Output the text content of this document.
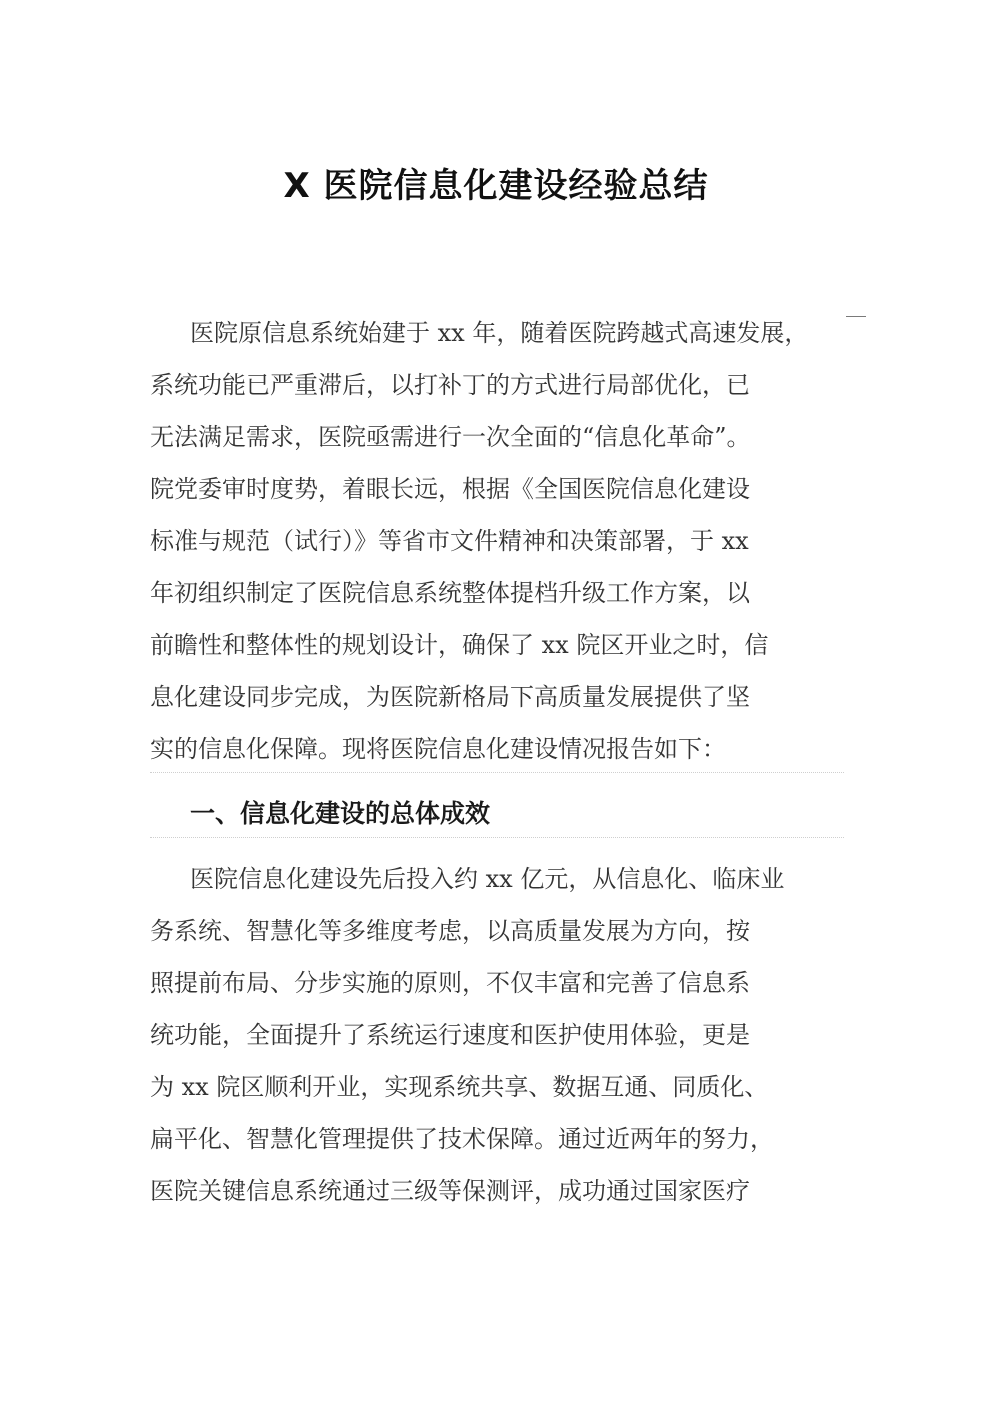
X 医院信息化建设经验总结
医院原信息系统始建于 xx 年，随着医院跨越式高速发展，
系统功能已严重滞后，以打补丁的方式进行局部优化，已
无法满足需求，医院亟需进行一次全面的“信息化革命”。
院党委审时度势，着眼长远，根据《全国医院信息化建设
标准与规范（试行）》等省市文件精神和决策部署，于 xx
年初组织制定了医院信息系统整体提档升级工作方案，以
前瞻性和整体性的规划设计，确保了 xx 院区开业之时，信
息化建设同步完成，为医院新格局下高质量发展提供了坚
实的信息化保障。现将医院信息化建设情况报告如下：
一、信息化建设的总体成效
医院信息化建设先后投入约 xx 亿元，从信息化、临床业
务系统、智慧化等多维度考虑，以高质量发展为方向，按
照提前布局、分步实施的原则，不仅丰富和完善了信息系
统功能，全面提升了系统运行速度和医护使用体验，更是
为 xx 院区顺利开业，实现系统共享、数据互通、同质化、
扁平化、智慧化管理提供了技术保障。通过近两年的努力，
医院关键信息系统通过三级等保测评，成功通过国家医疗
